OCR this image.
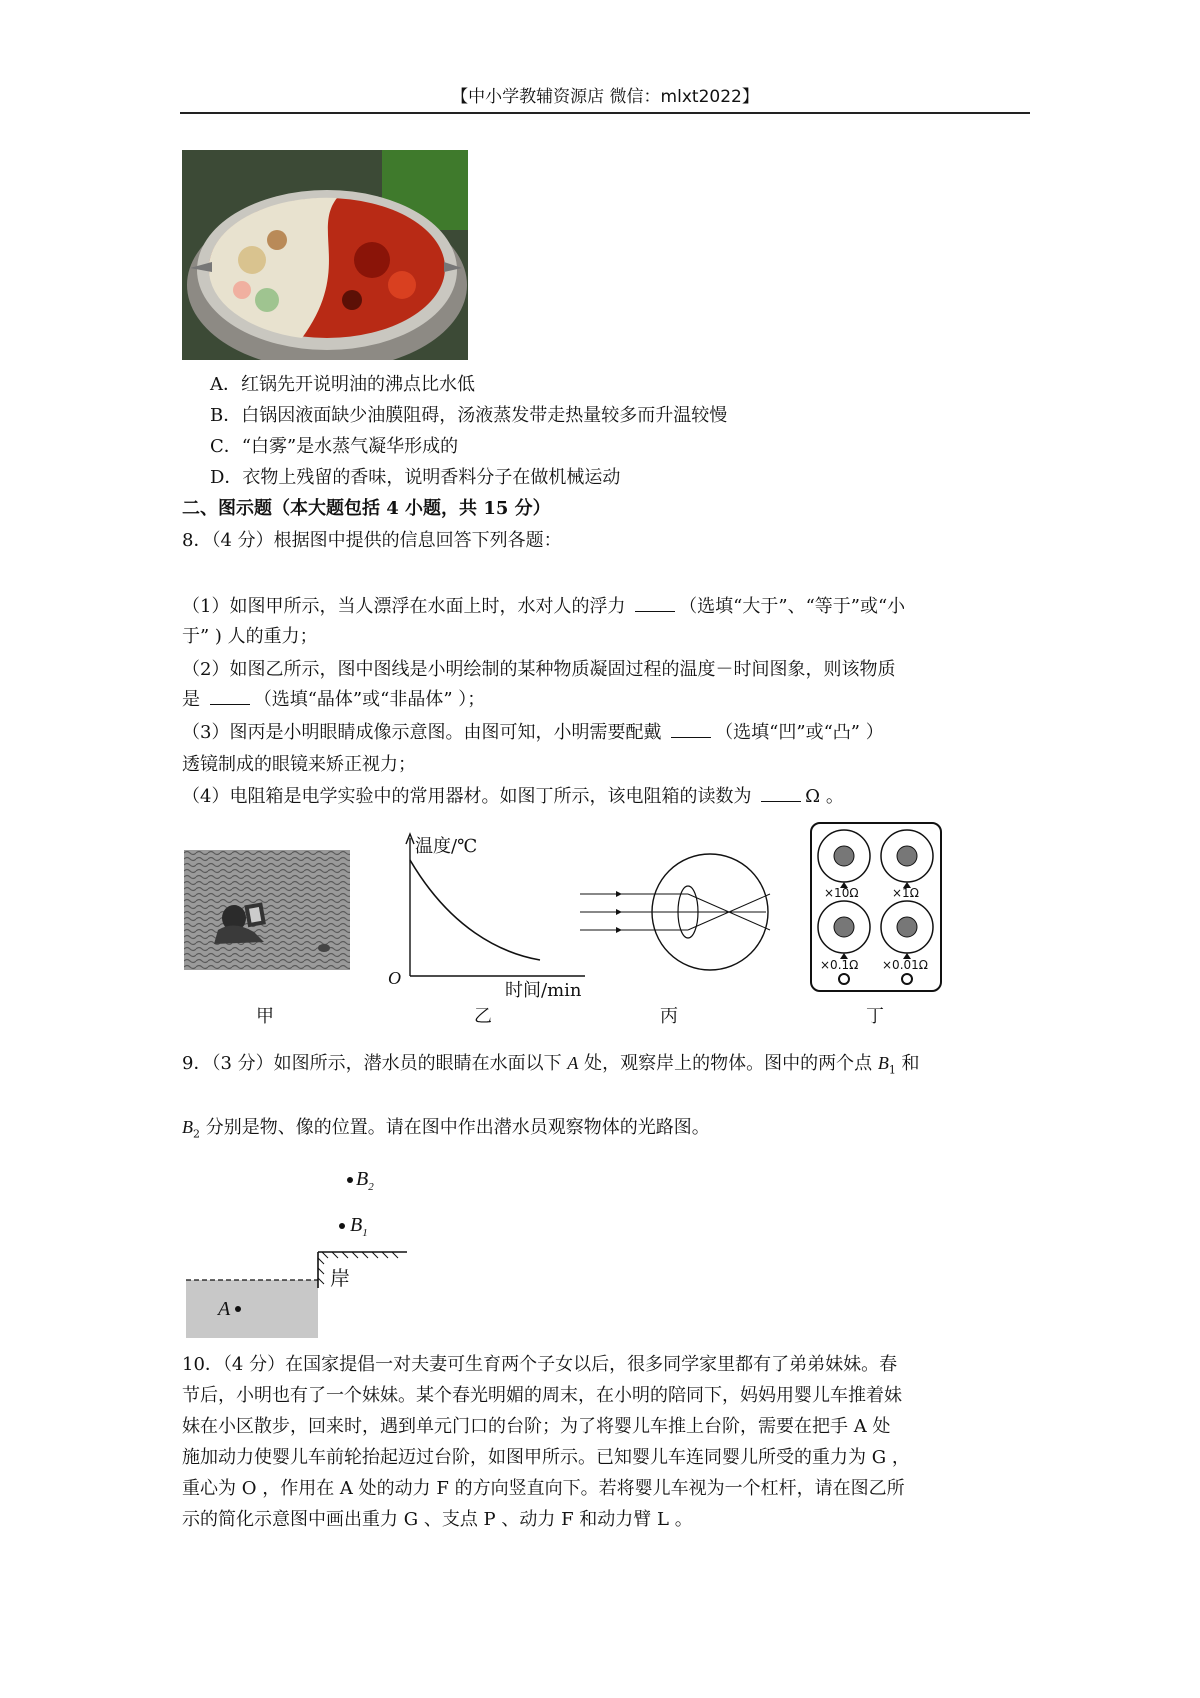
【中小学教辅资源店 微信：mlxt2022】
A．红锅先开说明油的沸点比水低
B．白锅因液面缺少油膜阻碍，汤液蒸发带走热量较多而升温较慢
C．“白雾”是水蒸气凝华形成的
D．衣物上残留的香味，说明香料分子在做机械运动
二、图示题（本大题包括 4 小题，共 15 分）
8．（4 分）根据图中提供的信息回答下列各题：
（1）如图甲所示，当人漂浮在水面上时，水对人的浮力	（选填“大于”、“等于”或“小
于” ) 人的重力；
（2）如图乙所示，图中图线是小明绘制的某种物质凝固过程的温度－时间图象，则该物质
是	（选填“晶体”或“非晶体” ）；
（3）图丙是小明眼睛成像示意图。由图可知，小明需要配戴	（选填“凹”或“凸” ）
透镜制成的眼镜来矫正视力；
（4）电阻箱是电学实验中的常用器材。如图丁所示，该电阻箱的读数为	Ω 。
温度/℃
O
时间/min
×10Ω	×1Ω
×0.1Ω ×0.01Ω
甲	乙	丙	丁
9．（3 分）如图所示，潜水员的眼睛在水面以下 A 处，观察岸上的物体。图中的两个点 $B_1$ 和
$B_2$ 分别是物、像的位置。请在图中作出潜水员观察物体的光路图。
$B_2$
$B_1$
岸
A
10．（4 分）在国家提倡一对夫妻可生育两个子女以后，很多同学家里都有了弟弟妹妹。春
节后，小明也有了一个妹妹。某个春光明媚的周末，在小明的陪同下，妈妈用婴儿车推着妹
妹在小区散步，回来时，遇到单元门口的台阶；为了将婴儿车推上台阶，需要在把手 A 处
施加动力使婴儿车前轮抬起迈过台阶，如图甲所示。已知婴儿车连同婴儿所受的重力为 G ，
重心为 O ，作用在 A 处的动力 F 的方向竖直向下。若将婴儿车视为一个杠杆，请在图乙所
示的简化示意图中画出重力 G 、支点 P 、动力 F 和动力臂 L 。
